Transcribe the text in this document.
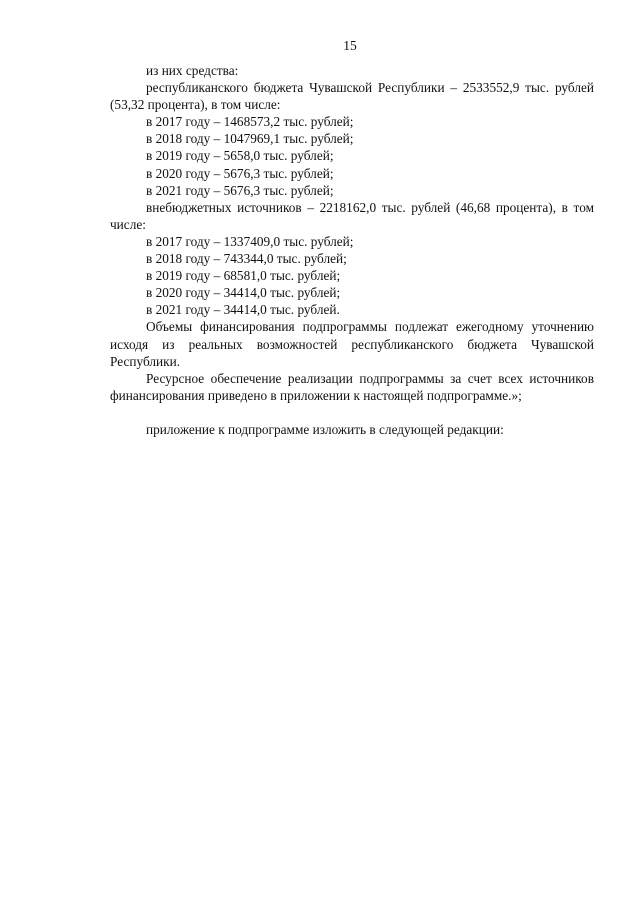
15

из них средства:

республиканского бюджета Чувашской Республики – 2533552,9 тыс. рублей (53,32 процента), в том числе:

в 2017 году – 1468573,2 тыс. рублей;

в 2018 году – 1047969,1 тыс. рублей;

в 2019 году – 5658,0 тыс. рублей;

в 2020 году – 5676,3 тыс. рублей;

в 2021 году – 5676,3 тыс. рублей;

внебюджетных источников – 2218162,0 тыс. рублей (46,68 процента), в том числе:

в 2017 году – 1337409,0 тыс. рублей;

в 2018 году – 743344,0 тыс. рублей;

в 2019 году – 68581,0 тыс. рублей;

в 2020 году – 34414,0 тыс. рублей;

в 2021 году – 34414,0 тыс. рублей.

Объемы финансирования подпрограммы подлежат ежегодному уточнению исходя из реальных возможностей республиканского бюджета Чувашской Республики.

Ресурсное обеспечение реализации подпрограммы за счет всех источников финансирования приведено в приложении к настоящей подпрограмме.»;

приложение к подпрограмме изложить в следующей редакции:
